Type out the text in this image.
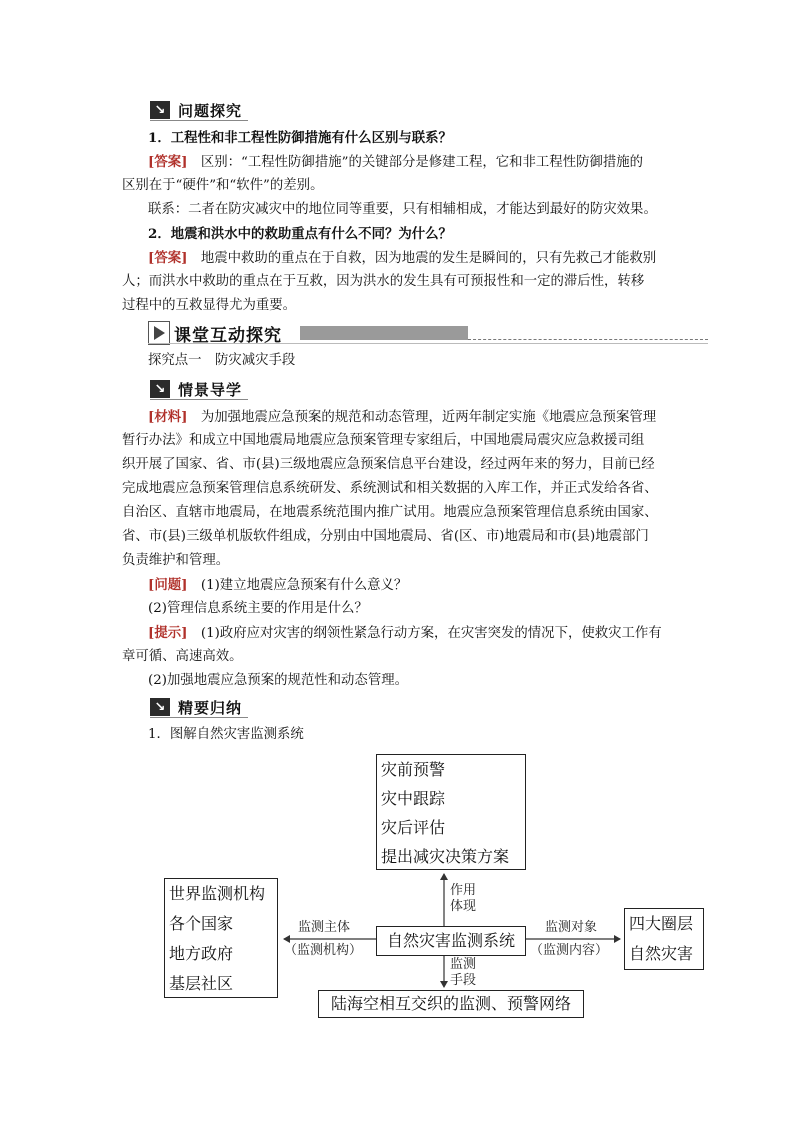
↘ 问题探究
1．工程性和非工程性防御措施有什么区别与联系？
[答案]　区别：“工程性防御措施”的关键部分是修建工程，它和非工程性防御措施的
区别在于“硬件”和“软件”的差别。
联系：二者在防灾减灾中的地位同等重要，只有相辅相成，才能达到最好的防灾效果。
2．地震和洪水中的救助重点有什么不同？为什么？
[答案]　地震中救助的重点在于自救，因为地震的发生是瞬间的，只有先救己才能救别
人；而洪水中救助的重点在于互救，因为洪水的发生具有可预报性和一定的滞后性，转移
过程中的互救显得尤为重要。
课堂互动探究
探究点一　防灾减灾手段
↘ 情景导学
[材料]　为加强地震应急预案的规范和动态管理，近两年制定实施《地震应急预案管理
暂行办法》和成立中国地震局地震应急预案管理专家组后，中国地震局震灾应急救援司组
织开展了国家、省、市(县)三级地震应急预案信息平台建设，经过两年来的努力，目前已经
完成地震应急预案管理信息系统研发、系统测试和相关数据的入库工作，并正式发给各省、
自治区、直辖市地震局，在地震系统范围内推广试用。地震应急预案管理信息系统由国家、
省、市(县)三级单机版软件组成，分别由中国地震局、省(区、市)地震局和市(县)地震部门
负责维护和管理。
[问题]　(1)建立地震应急预案有什么意义？
(2)管理信息系统主要的作用是什么？
[提示]　(1)政府应对灾害的纲领性紧急行动方案，在灾害突发的情况下，使救灾工作有
章可循、高速高效。
(2)加强地震应急预案的规范性和动态管理。
↘ 精要归纳
1．图解自然灾害监测系统
灾前预警
灾中跟踪
灾后评估
提出减灾决策方案
世界监测机构
各个国家
地方政府
基层社区
自然灾害监测系统
四大圈层
自然灾害
陆海空相互交织的监测、预警网络
作用
体现
监测主体
（监测机构）
监测对象
（监测内容）
监测
手段
